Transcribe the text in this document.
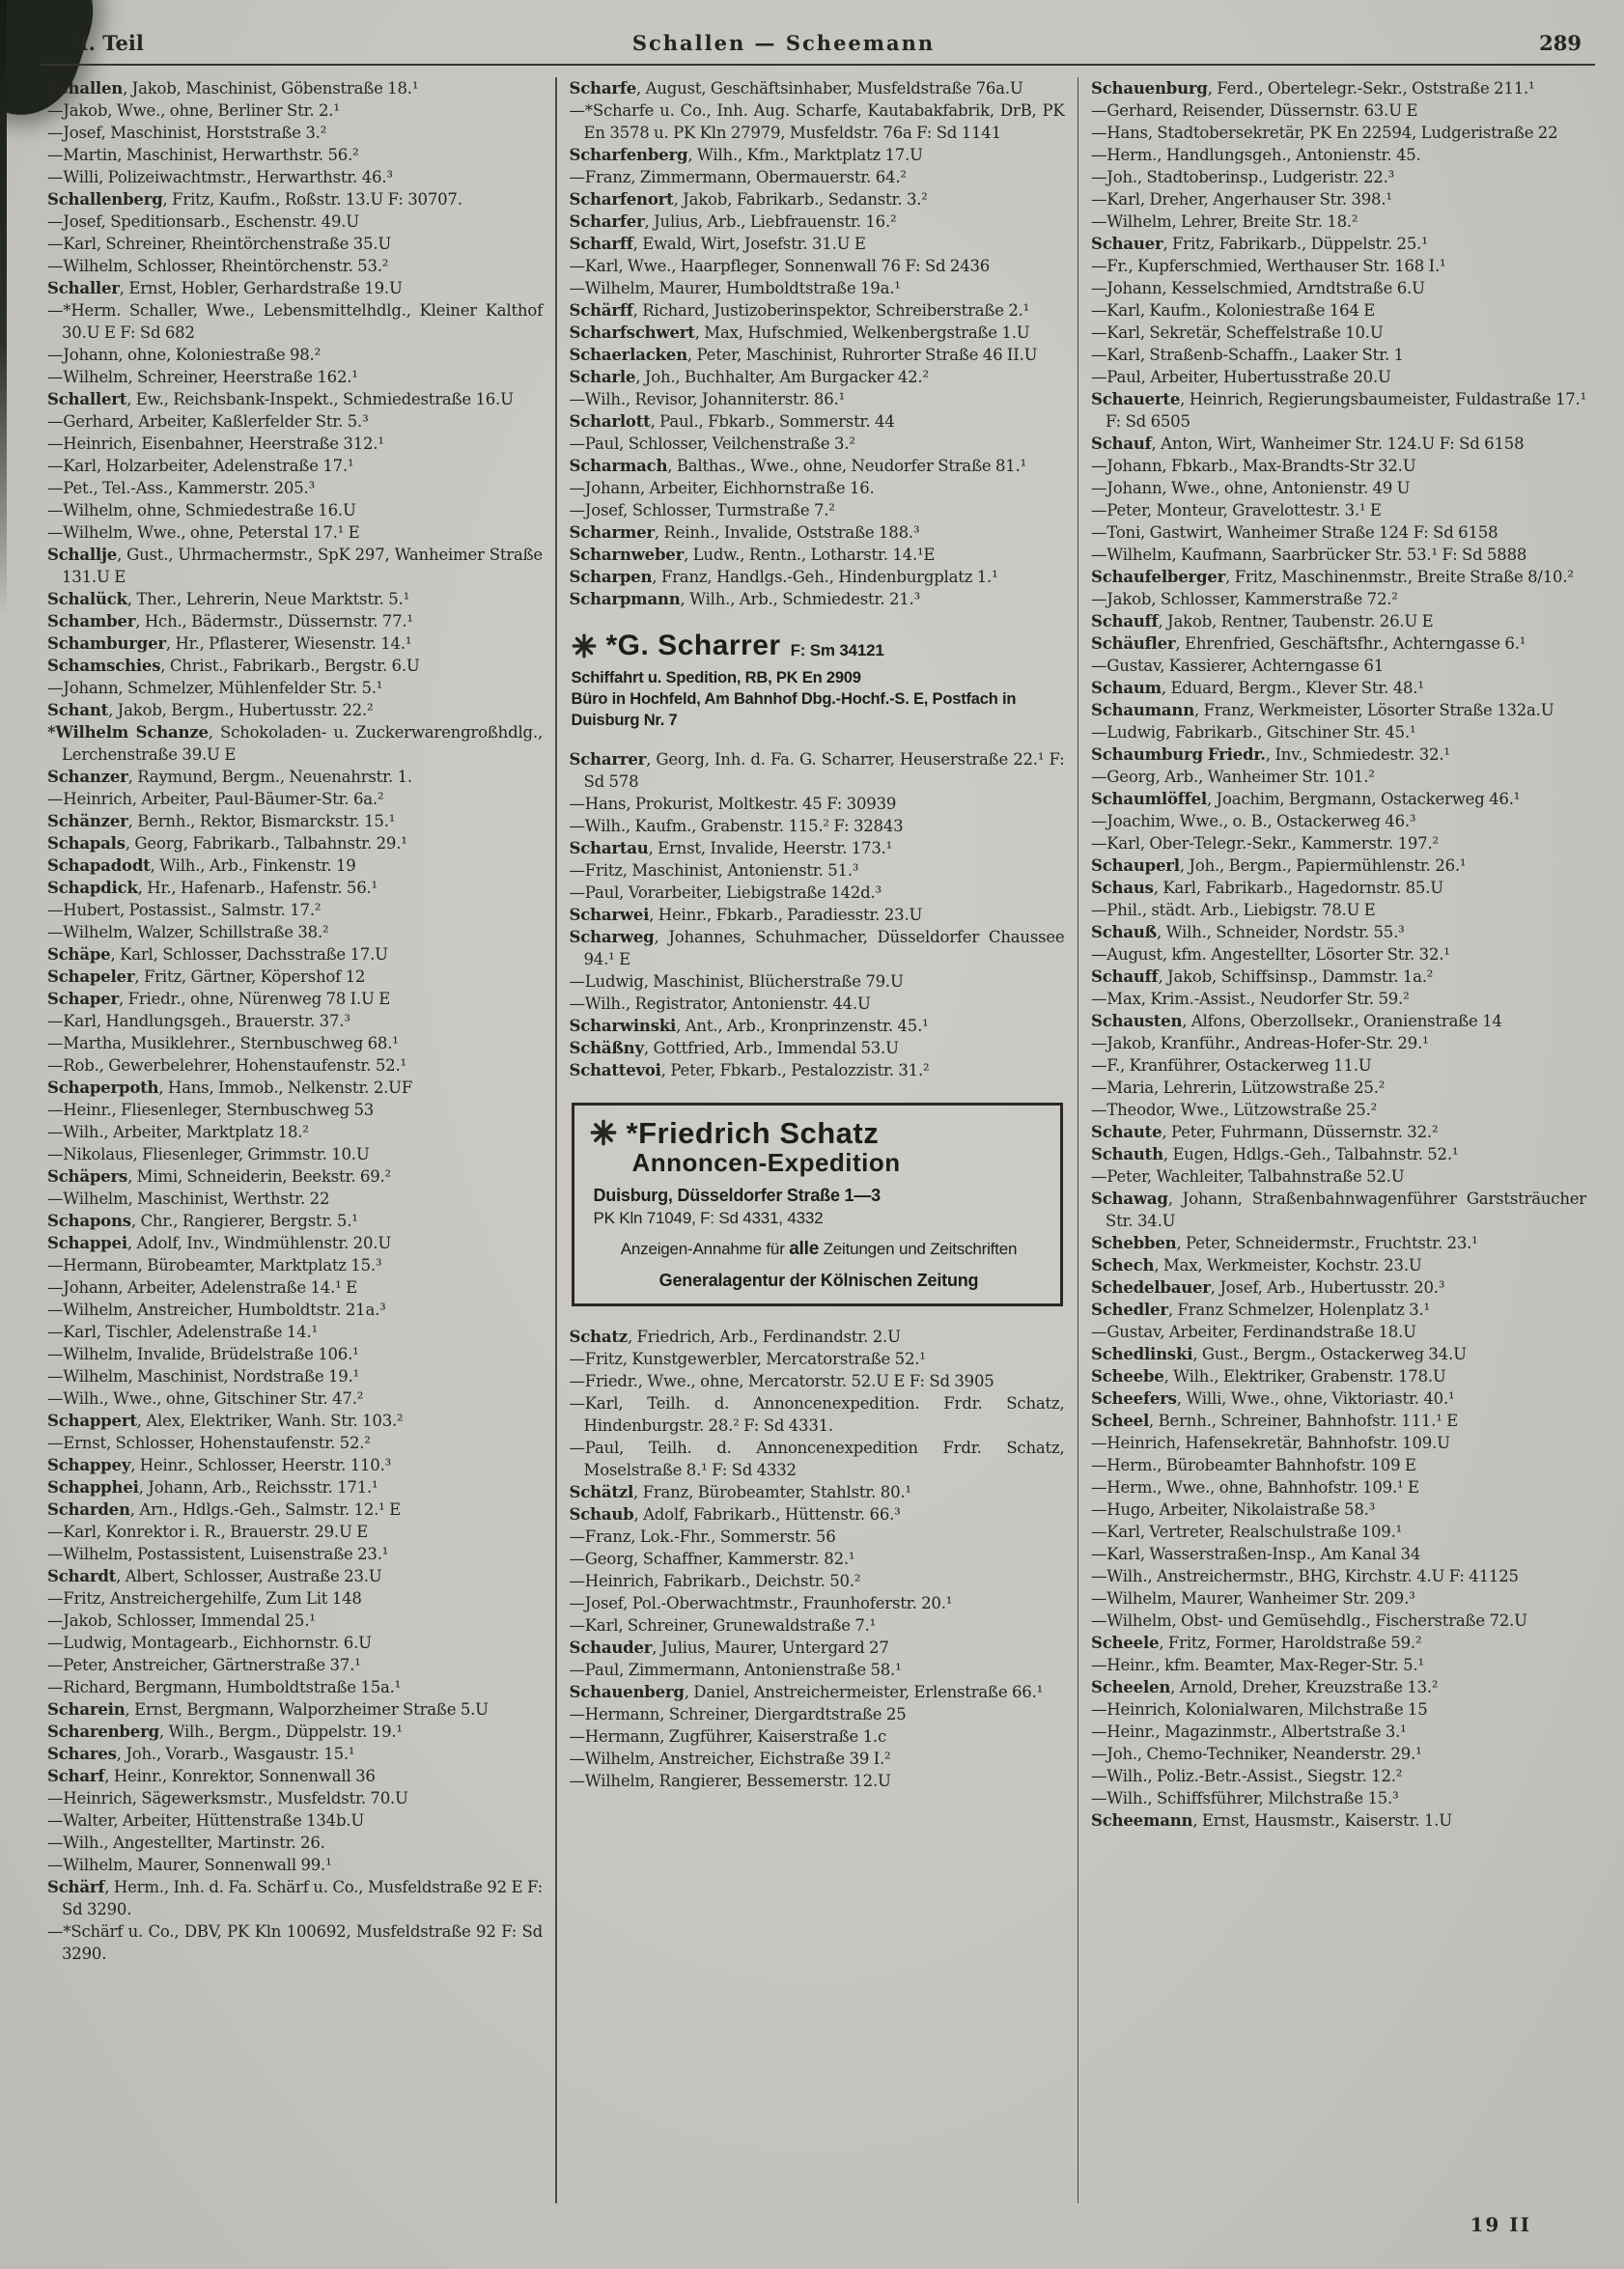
II. Teil	Schallen — Scheemann	289

Schallen, Jakob, Maschinist, Göbenstraße 18.¹

—Jakob, Wwe., ohne, Berliner Str. 2.¹

—Josef, Maschinist, Horststraße 3.²

—Martin, Maschinist, Herwarthstr. 56.²

—Willi, Polizeiwachtmstr., Herwarthstr. 46.³

Schallenberg, Fritz, Kaufm., Roßstr. 13.U F: 30707.

—Josef, Speditionsarb., Eschenstr. 49.U

—Karl, Schreiner, Rheintörchenstraße 35.U

—Wilhelm, Schlosser, Rheintörchenstr. 53.²

Schaller, Ernst, Hobler, Gerhardstraße 19.U

—*Herm. Schaller, Wwe., Lebensmittelhdlg., Kleiner Kalthof 30.U E F: Sd 682

—Johann, ohne, Koloniestraße 98.²

—Wilhelm, Schreiner, Heerstraße 162.¹

Schallert, Ew., Reichsbank-Inspekt., Schmiedestraße 16.U

—Gerhard, Arbeiter, Kaßlerfelder Str. 5.³

—Heinrich, Eisenbahner, Heerstraße 312.¹

—Karl, Holzarbeiter, Adelenstraße 17.¹

—Pet., Tel.-Ass., Kammerstr. 205.³

—Wilhelm, ohne, Schmiedestraße 16.U

—Wilhelm, Wwe., ohne, Peterstal 17.¹ E

Schallje, Gust., Uhrmachermstr., SpK 297, Wanheimer Straße 131.U E

Schalück, Ther., Lehrerin, Neue Marktstr. 5.¹

Schamber, Hch., Bädermstr., Düssernstr. 77.¹

Schamburger, Hr., Pflasterer, Wiesenstr. 14.¹

Schamschies, Christ., Fabrikarb., Bergstr. 6.U

—Johann, Schmelzer, Mühlenfelder Str. 5.¹

Schant, Jakob, Bergm., Hubertusstr. 22.²

*Wilhelm Schanze, Schokoladen- u. Zuckerwarengroßhdlg., Lerchenstraße 39.U E

Schanzer, Raymund, Bergm., Neuenahrstr. 1.

—Heinrich, Arbeiter, Paul-Bäumer-Str. 6a.²

Schänzer, Bernh., Rektor, Bismarckstr. 15.¹

Schapals, Georg, Fabrikarb., Talbahnstr. 29.¹

Schapadodt, Wilh., Arb., Finkenstr. 19

Schapdick, Hr., Hafenarb., Hafenstr. 56.¹

—Hubert, Postassist., Salmstr. 17.²

—Wilhelm, Walzer, Schillstraße 38.²

Schäpe, Karl, Schlosser, Dachsstraße 17.U

Schapeler, Fritz, Gärtner, Köpershof 12

Schaper, Friedr., ohne, Nürenweg 78 I.U E

—Karl, Handlungsgeh., Brauerstr. 37.³

—Martha, Musiklehrer., Sternbuschweg 68.¹

—Rob., Gewerbelehrer, Hohenstaufenstr. 52.¹

Schaperpoth, Hans, Immob., Nelkenstr. 2.UF

—Heinr., Fliesenleger, Sternbuschweg 53

—Wilh., Arbeiter, Marktplatz 18.²

—Nikolaus, Fliesenleger, Grimmstr. 10.U

Schäpers, Mimi, Schneiderin, Beekstr. 69.²

—Wilhelm, Maschinist, Werthstr. 22

Schapons, Chr., Rangierer, Bergstr. 5.¹

Schappei, Adolf, Inv., Windmühlenstr. 20.U

—Hermann, Bürobeamter, Marktplatz 15.³

—Johann, Arbeiter, Adelenstraße 14.¹ E

—Wilhelm, Anstreicher, Humboldtstr. 21a.³

—Karl, Tischler, Adelenstraße 14.¹

—Wilhelm, Invalide, Brüdelstraße 106.¹

—Wilhelm, Maschinist, Nordstraße 19.¹

—Wilh., Wwe., ohne, Gitschiner Str. 47.²

Schappert, Alex, Elektriker, Wanh. Str. 103.²

—Ernst, Schlosser, Hohenstaufenstr. 52.²

Schappey, Heinr., Schlosser, Heerstr. 110.³

Schapphei, Johann, Arb., Reichsstr. 171.¹

Scharden, Arn., Hdlgs.-Geh., Salmstr. 12.¹ E

—Karl, Konrektor i. R., Brauerstr. 29.U E

—Wilhelm, Postassistent, Luisenstraße 23.¹

Schardt, Albert, Schlosser, Austraße 23.U

—Fritz, Anstreichergehilfe, Zum Lit 148

—Jakob, Schlosser, Immendal 25.¹

—Ludwig, Montagearb., Eichhornstr. 6.U

—Peter, Anstreicher, Gärtnerstraße 37.¹

—Richard, Bergmann, Humboldtstraße 15a.¹

Scharein, Ernst, Bergmann, Walporzheimer Straße 5.U

Scharenberg, Wilh., Bergm., Düppelstr. 19.¹

Schares, Joh., Vorarb., Wasgaustr. 15.¹

Scharf, Heinr., Konrektor, Sonnenwall 36

—Heinrich, Sägewerksmstr., Musfeldstr. 70.U

—Walter, Arbeiter, Hüttenstraße 134b.U

—Wilh., Angestellter, Martinstr. 26.

—Wilhelm, Maurer, Sonnenwall 99.¹

Schärf, Herm., Inh. d. Fa. Schärf u. Co., Musfeldstraße 92 E F: Sd 3290.

—*Schärf u. Co., DBV, PK Kln 100692, Musfeldstraße 92 F: Sd 3290.

Scharfe, August, Geschäftsinhaber, Musfeldstraße 76a.U

—*Scharfe u. Co., Inh. Aug. Scharfe, Kautabakfabrik, DrB, PK En 3578 u. PK Kln 27979, Musfeldstr. 76a F: Sd 1141

Scharfenberg, Wilh., Kfm., Marktplatz 17.U

—Franz, Zimmermann, Obermauerstr. 64.²

Scharfenort, Jakob, Fabrikarb., Sedanstr. 3.²

Scharfer, Julius, Arb., Liebfrauenstr. 16.²

Scharff, Ewald, Wirt, Josefstr. 31.U E

—Karl, Wwe., Haarpfleger, Sonnenwall 76 F: Sd 2436

—Wilhelm, Maurer, Humboldtstraße 19a.¹

Schärff, Richard, Justizoberinspektor, Schreiberstraße 2.¹

Scharfschwert, Max, Hufschmied, Welkenbergstraße 1.U

Schaerlacken, Peter, Maschinist, Ruhrorter Straße 46 II.U

Scharle, Joh., Buchhalter, Am Burgacker 42.²

—Wilh., Revisor, Johanniterstr. 86.¹

Scharlott, Paul., Fbkarb., Sommerstr. 44

—Paul, Schlosser, Veilchenstraße 3.²

Scharmach, Balthas., Wwe., ohne, Neudorfer Straße 81.¹

—Johann, Arbeiter, Eichhornstraße 16.

—Josef, Schlosser, Turmstraße 7.²

Scharmer, Reinh., Invalide, Oststraße 188.³

Scharnweber, Ludw., Rentn., Lotharstr. 14.¹E

Scharpen, Franz, Handlgs.-Geh., Hindenburgplatz 1.¹

Scharpmann, Wilh., Arb., Schmiedestr. 21.³

*G. Scharrer F: Sm 34121
Schiffahrt u. Spedition, RB, PK En 2909
Büro in Hochfeld, Am Bahnhof Dbg.-Hochf.-S. E, Postfach in Duisburg Nr. 7

Scharrer, Georg, Inh. d. Fa. G. Scharrer, Heuserstraße 22.¹ F: Sd 578

—Hans, Prokurist, Moltkestr. 45 F: 30939

—Wilh., Kaufm., Grabenstr. 115.² F: 32843

Schartau, Ernst, Invalide, Heerstr. 173.¹

—Fritz, Maschinist, Antonienstr. 51.³

—Paul, Vorarbeiter, Liebigstraße 142d.³

Scharwei, Heinr., Fbkarb., Paradiesstr. 23.U

Scharweg, Johannes, Schuhmacher, Düsseldorfer Chaussee 94.¹ E

—Ludwig, Maschinist, Blücherstraße 79.U

—Wilh., Registrator, Antonienstr. 44.U

Scharwinski, Ant., Arb., Kronprinzenstr. 45.¹

Schäßny, Gottfried, Arb., Immendal 53.U

Schattevoi, Peter, Fbkarb., Pestalozzistr. 31.²

*Friedrich Schatz
Annoncen-Expedition
Duisburg, Düsseldorfer Straße 1—3
PK Kln 71049, F: Sd 4331, 4332
Anzeigen-Annahme für alle Zeitungen und Zeitschriften
Generalagentur der Kölnischen Zeitung

Schatz, Friedrich, Arb., Ferdinandstr. 2.U

—Fritz, Kunstgewerbler, Mercatorstraße 52.¹

—Friedr., Wwe., ohne, Mercatorstr. 52.U E F: Sd 3905

—Karl, Teilh. d. Annoncenexpedition. Frdr. Schatz, Hindenburgstr. 28.² F: Sd 4331.

—Paul, Teilh. d. Annoncenexpedition Frdr. Schatz, Moselstraße 8.¹ F: Sd 4332

Schätzl, Franz, Bürobeamter, Stahlstr. 80.¹

Schaub, Adolf, Fabrikarb., Hüttenstr. 66.³

—Franz, Lok.-Fhr., Sommerstr. 56

—Georg, Schaffner, Kammerstr. 82.¹

—Heinrich, Fabrikarb., Deichstr. 50.²

—Josef, Pol.-Oberwachtmstr., Fraunhoferstr. 20.¹

—Karl, Schreiner, Grunewaldstraße 7.¹

Schauder, Julius, Maurer, Untergard 27

—Paul, Zimmermann, Antonienstraße 58.¹

Schauenberg, Daniel, Anstreichermeister, Erlenstraße 66.¹

—Hermann, Schreiner, Diergardtstraße 25

—Hermann, Zugführer, Kaiserstraße 1.c

—Wilhelm, Anstreicher, Eichstraße 39 I.²

—Wilhelm, Rangierer, Bessemerstr. 12.U

Schauenburg, Ferd., Obertelegr.-Sekr., Oststraße 211.¹

—Gerhard, Reisender, Düssernstr. 63.U E

—Hans, Stadtobersekretär, PK En 22594, Ludgeristraße 22

—Herm., Handlungsgeh., Antonienstr. 45.

—Joh., Stadtoberinsp., Ludgeristr. 22.³

—Karl, Dreher, Angerhauser Str. 398.¹

—Wilhelm, Lehrer, Breite Str. 18.²

Schauer, Fritz, Fabrikarb., Düppelstr. 25.¹

—Fr., Kupferschmied, Werthauser Str. 168 I.¹

—Johann, Kesselschmied, Arndtstraße 6.U

—Karl, Kaufm., Koloniestraße 164 E

—Karl, Sekretär, Scheffelstraße 10.U

—Karl, Straßenb-Schaffn., Laaker Str. 1

—Paul, Arbeiter, Hubertusstraße 20.U

Schauerte, Heinrich, Regierungsbaumeister, Fuldastraße 17.¹ F: Sd 6505

Schauf, Anton, Wirt, Wanheimer Str. 124.U F: Sd 6158

—Johann, Fbkarb., Max-Brandts-Str 32.U

—Johann, Wwe., ohne, Antonienstr. 49 U

—Peter, Monteur, Gravelottestr. 3.¹ E

—Toni, Gastwirt, Wanheimer Straße 124 F: Sd 6158

—Wilhelm, Kaufmann, Saarbrücker Str. 53.¹ F: Sd 5888

Schaufelberger, Fritz, Maschinenmstr., Breite Straße 8/10.²

—Jakob, Schlosser, Kammerstraße 72.²

Schauff, Jakob, Rentner, Taubenstr. 26.U E

Schäufler, Ehrenfried, Geschäftsfhr., Achterngasse 6.¹

—Gustav, Kassierer, Achterngasse 61

Schaum, Eduard, Bergm., Klever Str. 48.¹

Schaumann, Franz, Werkmeister, Lösorter Straße 132a.U

—Ludwig, Fabrikarb., Gitschiner Str. 45.¹

Schaumburg Friedr., Inv., Schmiedestr. 32.¹

—Georg, Arb., Wanheimer Str. 101.²

Schaumlöffel, Joachim, Bergmann, Ostackerweg 46.¹

—Joachim, Wwe., o. B., Ostackerweg 46.³

—Karl, Ober-Telegr.-Sekr., Kammerstr. 197.²

Schauperl, Joh., Bergm., Papiermühlenstr. 26.¹

Schaus, Karl, Fabrikarb., Hagedornstr. 85.U

—Phil., städt. Arb., Liebigstr. 78.U E

Schauß, Wilh., Schneider, Nordstr. 55.³

—August, kfm. Angestellter, Lösorter Str. 32.¹

Schauff, Jakob, Schiffsinsp., Dammstr. 1a.²

—Max, Krim.-Assist., Neudorfer Str. 59.²

Schausten, Alfons, Oberzollsekr., Oranienstraße 14

—Jakob, Kranführ., Andreas-Hofer-Str. 29.¹

—F., Kranführer, Ostackerweg 11.U

—Maria, Lehrerin, Lützowstraße 25.²

—Theodor, Wwe., Lützowstraße 25.²

Schaute, Peter, Fuhrmann, Düssernstr. 32.²

Schauth, Eugen, Hdlgs.-Geh., Talbahnstr. 52.¹

—Peter, Wachleiter, Talbahnstraße 52.U

Schawag, Johann, Straßenbahnwagenführer Garststräucher Str. 34.U

Schebben, Peter, Schneidermstr., Fruchtstr. 23.¹

Schech, Max, Werkmeister, Kochstr. 23.U

Schedelbauer, Josef, Arb., Hubertusstr. 20.³

Schedler, Franz Schmelzer, Holenplatz 3.¹

—Gustav, Arbeiter, Ferdinandstraße 18.U

Schedlinski, Gust., Bergm., Ostackerweg 34.U

Scheebe, Wilh., Elektriker, Grabenstr. 178.U

Scheefers, Willi, Wwe., ohne, Viktoriastr. 40.¹

Scheel, Bernh., Schreiner, Bahnhofstr. 111.¹ E

—Heinrich, Hafensekretär, Bahnhofstr. 109.U

—Herm., Bürobeamter Bahnhofstr. 109 E

—Herm., Wwe., ohne, Bahnhofstr. 109.¹ E

—Hugo, Arbeiter, Nikolaistraße 58.³

—Karl, Vertreter, Realschulstraße 109.¹

—Karl, Wasserstraßen-Insp., Am Kanal 34

—Wilh., Anstreichermstr., BHG, Kirchstr. 4.U F: 41125

—Wilhelm, Maurer, Wanheimer Str. 209.³

—Wilhelm, Obst- und Gemüsehdlg., Fischerstraße 72.U

Scheele, Fritz, Former, Haroldstraße 59.²

—Heinr., kfm. Beamter, Max-Reger-Str. 5.¹

Scheelen, Arnold, Dreher, Kreuzstraße 13.²

—Heinrich, Kolonialwaren, Milchstraße 15

—Heinr., Magazinmstr., Albertstraße 3.¹

—Joh., Chemo-Techniker, Neanderstr. 29.¹

—Wilh., Poliz.-Betr.-Assist., Siegstr. 12.²

—Wilh., Schiffsführer, Milchstraße 15.³

Scheemann, Ernst, Hausmstr., Kaiserstr. 1.U

19 II
